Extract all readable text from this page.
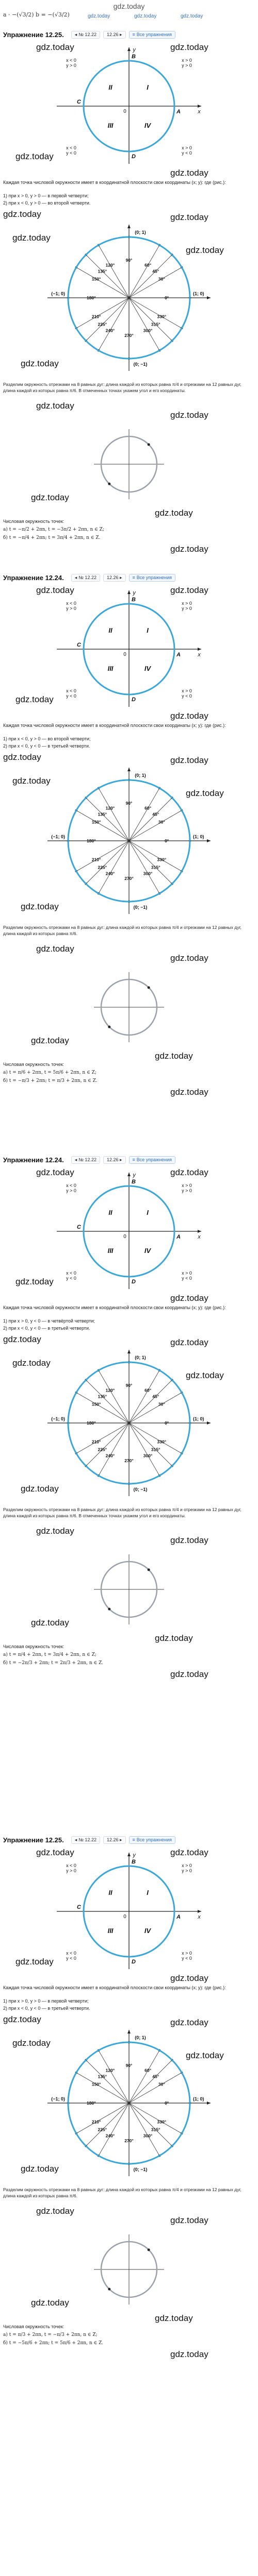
gdz.today
a · −(√3/2) b = −(√3/2)	gdz.today	gdz.today	gdz.today
Упражнение 12.25. ◂ № 12.22 12.26 ▸ ≡ Все упражнения
gdz.today	gdz.today
I
II
III	IV
A
B
C
D
x
y
0
x > 0
y > 0
x < 0
y > 0
x < 0
y < 0
x > 0
y < 0
gdz.today
gdz.today
Каждая точка числовой окружности имеет в координатной плоскости свои координаты (x; y): где (рис.):
1) при x > 0, y > 0 — в первой четверти;
2) при x < 0, y > 0 — во второй четверти.
gdz.today	gdz.today
0°
30°
45°
60°
90°
120°
135°
150°
180°
210°
225°
240°
270°
300°
315°
330°
(0; 1)
(0; −1)
(−1; 0)	(1; 0)
gdz.today
gdz.today
gdz.today
Разделим окружность отрезками на 8 равных дуг: длина каждой из которых равна π/4 и отрезками на 12 равных дуг, длина каждой из которых равна π/6. В отмеченных точках укажем угол и его координаты.
gdz.today
gdz.today
gdz.today
gdz.today
Числовая окружность точек:
а) t = −π/2 + 2πn, t = −3π/2 + 2πn, n ∈ Z;
б) t = −π/4 + 2πn; t = 3π/4 + 2πn, n ∈ Z.
gdz.today
Упражнение 12.24. ◂ № 12.22 12.26 ▸ ≡ Все упражнения
gdz.today	gdz.today
I
II
III	IV
A
B
C
D
x
y
0
x > 0
y > 0
x < 0
y > 0
x < 0
y < 0
x > 0
y < 0
gdz.today
gdz.today
Каждая точка числовой окружности имеет в координатной плоскости свои координаты (x; y): где (рис.):
1) при x < 0, y > 0 — во второй четверти;
2) при x < 0, y < 0 — в третьей четверти.
gdz.today	gdz.today
0°
30°
45°
60°
90°
120°
135°
150°
180°
210°
225°
240°
270°
300°
315°
330°
(0; 1)
(0; −1)
(−1; 0)	(1; 0)
gdz.today
gdz.today
gdz.today
Разделим окружность отрезками на 8 равных дуг: длина каждой из которых равна π/4 и отрезками на 12 равных дуг, длина каждой из которых равна π/6.
gdz.today
gdz.today
gdz.today
gdz.today
Числовая окружность точек:
а) t = π/6 + 2πn, t = 5π/6 + 2πn, n ∈ Z;
б) t = −π/3 + 2πn; t = π/3 + 2πn, n ∈ Z.
gdz.today
Упражнение 12.24. ◂ № 12.22 12.26 ▸ ≡ Все упражнения
gdz.today	gdz.today
I
II
III	IV
A
B
C
D
x
y
0
x > 0
y > 0
x < 0
y > 0
x < 0
y < 0
x > 0
y < 0
gdz.today
gdz.today
Каждая точка числовой окружности имеет в координатной плоскости свои координаты (x; y): где (рис.):
1) при x > 0, y < 0 — в четвёртой четверти;
2) при x < 0, y < 0 — в третьей четверти.
gdz.today	gdz.today
0°
30°
45°
60°
90°
120°
135°
150°
180°
210°
225°
240°
270°
300°
315°
330°
(0; 1)
(0; −1)
(−1; 0)	(1; 0)
gdz.today
gdz.today
gdz.today
Разделим окружность отрезками на 8 равных дуг: длина каждой из которых равна π/4 и отрезками на 12 равных дуг, длина каждой из которых равна π/6. В отмеченных точках укажем угол и его координаты.
gdz.today
gdz.today
gdz.today
gdz.today
Числовая окружность точек:
а) t = π/4 + 2πn, t = 3π/4 + 2πn, n ∈ Z;
б) t = −2π/3 + 2πn; t = 2π/3 + 2πn, n ∈ Z.
gdz.today
Упражнение 12.25. ◂ № 12.22 12.26 ▸ ≡ Все упражнения
gdz.today	gdz.today
I
II
III	IV
A
B
C
D
x
y
0
x > 0
y > 0
x < 0
y > 0
x < 0
y < 0
x > 0
y < 0
gdz.today
gdz.today
Каждая точка числовой окружности имеет в координатной плоскости свои координаты (x; y): где (рис.):
1) при x > 0, y > 0 — в первой четверти;
2) при x < 0, y < 0 — в третьей четверти.
gdz.today	gdz.today
0°
30°
45°
60°
90°
120°
135°
150°
180°
210°
225°
240°
270°
300°
315°
330°
(0; 1)
(0; −1)
(−1; 0)	(1; 0)
gdz.today
gdz.today
gdz.today
Разделим окружность отрезками на 8 равных дуг: длина каждой из которых равна π/4 и отрезками на 12 равных дуг, длина каждой из которых равна π/6.
gdz.today
gdz.today
gdz.today
gdz.today
Числовая окружность точек:
а) t = π/3 + 2πn, t = −π/3 + 2πn, n ∈ Z;
б) t = −5π/6 + 2πn; t = 5π/6 + 2πn, n ∈ Z.
gdz.today
